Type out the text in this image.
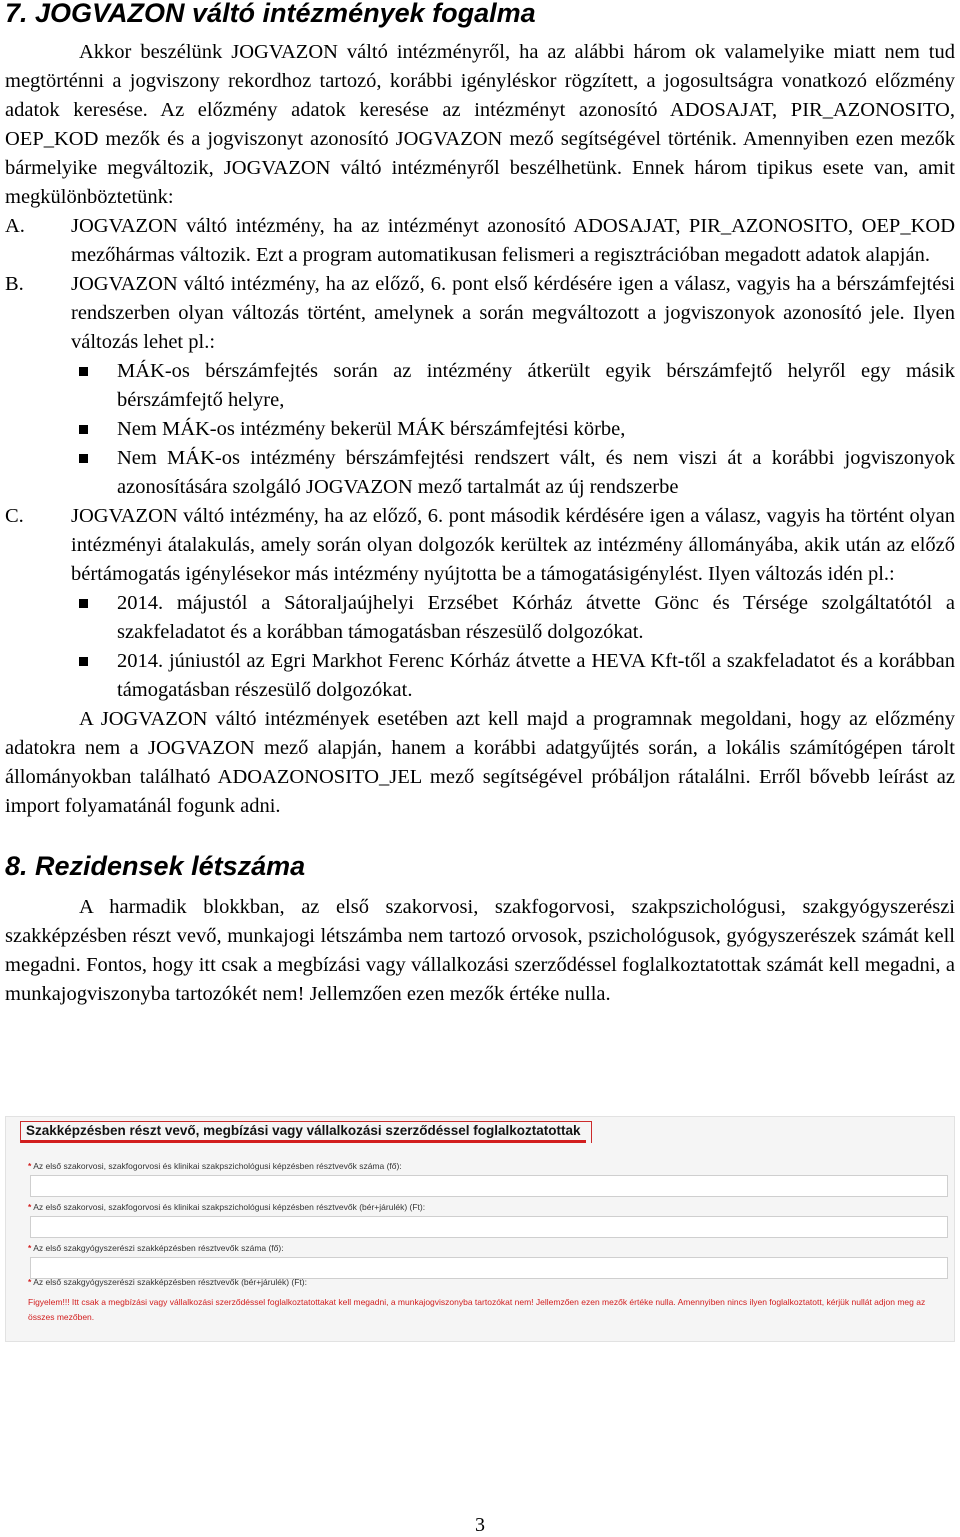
7. JOGVAZON váltó intézmények fogalma

Akkor beszélünk JOGVAZON váltó intézményről, ha az alábbi három ok valamelyike miatt nem tud megtörténni a jogviszony rekordhoz tartozó, korábbi igényléskor rögzített, a jogosultságra vonatkozó előzmény adatok keresése. Az előzmény adatok keresése az intézményt azonosító ADOSAJAT, PIR_AZONOSITO, OEP_KOD mezők és a jogviszonyt azonosító JOGVAZON mező segítségével történik. Amennyiben ezen mezők bármelyike megváltozik, JOGVAZON váltó intézményről beszélhetünk. Ennek három tipikus esete van, amit megkülönböztetünk:

A.	JOGVAZON váltó intézmény, ha az intézményt azonosító ADOSAJAT, PIR_AZONOSITO, OEP_KOD mezőhármas változik. Ezt a program automatikusan felismeri a regisztrációban megadott adatok alapján.
B.	JOGVAZON váltó intézmény, ha az előző, 6. pont első kérdésére igen a válasz, vagyis ha a bérszámfejtési rendszerben olyan változás történt, amelynek a során megváltozott a jogviszonyok azonosító jele. Ilyen változás lehet pl.:
MÁK-os bérszámfejtés során az intézmény átkerült egyik bérszámfejtő helyről egy másik bérszámfejtő helyre,
Nem MÁK-os intézmény bekerül MÁK bérszámfejtési körbe,
Nem MÁK-os intézmény bérszámfejtési rendszert vált, és nem viszi át a korábbi jogviszonyok azonosítására szolgáló JOGVAZON mező tartalmát az új rendszerbe
C.	JOGVAZON váltó intézmény, ha az előző, 6. pont második kérdésére igen a válasz, vagyis ha történt olyan intézményi átalakulás, amely során olyan dolgozók kerültek az intézmény állományába, akik után az előző bértámogatás igénylésekor más intézmény nyújtotta be a támogatásigénylést. Ilyen változás idén pl.:
2014. májustól a Sátoraljaújhelyi Erzsébet Kórház átvette Gönc és Térsége szolgáltatótól a szakfeladatot és a korábban támogatásban részesülő dolgozókat.
2014. júniustól az Egri Markhot Ferenc Kórház átvette a HEVA Kft-től a szakfeladatot és a korábban támogatásban részesülő dolgozókat.

A JOGVAZON váltó intézmények esetében azt kell majd a programnak megoldani, hogy az előzmény adatokra nem a JOGVAZON mező alapján, hanem a korábbi adatgyűjtés során, a lokális számítógépen tárolt állományokban található ADOAZONOSITO_JEL mező segítségével próbáljon rátalálni. Erről bővebb leírást az import folyamatánál fogunk adni.

8. Rezidensek létszáma

A harmadik blokkban, az első szakorvosi, szakfogorvosi, szakpszichológusi, szakgyógyszerészi szakképzésben részt vevő, munkajogi létszámba nem tartozó orvosok, pszichológusok, gyógyszerészek számát kell megadni. Fontos, hogy itt csak a megbízási vagy vállalkozási szerződéssel foglalkoztatottak számát kell megadni, a munkajogviszonyba tartozókét nem! Jellemzően ezen mezők értéke nulla.

Szakképzésben részt vevő, megbízási vagy vállalkozási szerződéssel foglalkoztatottak
* Az első szakorvosi, szakfogorvosi és klinikai szakpszichológusi képzésben résztvevők száma (fő):
* Az első szakorvosi, szakfogorvosi és klinikai szakpszichológusi képzésben résztvevők (bér+járulék) (Ft):
* Az első szakgyógyszerészi szakképzésben résztvevők száma (fő):
* Az első szakgyógyszerészi szakképzésben résztvevők (bér+járulék) (Ft):
Figyelem!!! Itt csak a megbízási vagy vállalkozási szerződéssel foglalkoztatottakat kell megadni, a munkajogviszonyba tartozókat nem! Jellemzően ezen mezők értéke nulla. Amennyiben nincs ilyen foglalkoztatott, kérjük nullát adjon meg az összes mezőben.
3
